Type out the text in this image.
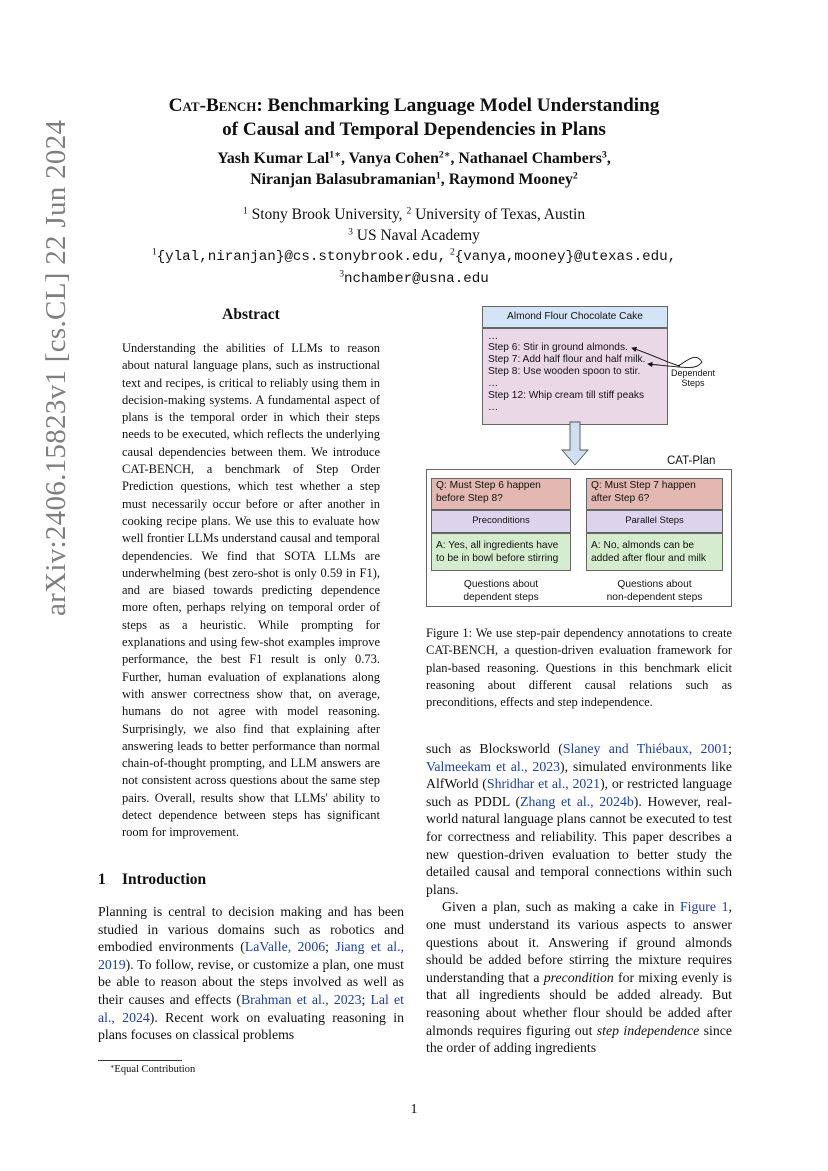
arXiv:2406.15823v1 [cs.CL] 22 Jun 2024
Cat-Bench: Benchmarking Language Model Understanding
of Causal and Temporal Dependencies in Plans
Yash Kumar Lal$^{1∗}$, Vanya Cohen$^{2∗}$, Nathanael Chambers$^3$,
Niranjan Balasubramanian$^1$, Raymond Mooney$^2$
$^1$ Stony Brook University, $^2$ University of Texas, Austin
$^3$ US Naval Academy
$^1${ylal,niranjan}@cs.stonybrook.edu, $^2${vanya,mooney}@utexas.edu,
$^3$nchamber@usna.edu
Abstract
Understanding the abilities of LLMs to reason about natural language plans, such as instructional text and recipes, is critical to reliably using them in decision-making systems. A fundamental aspect of plans is the temporal order in which their steps needs to be executed, which reflects the underlying causal dependencies between them. We introduce CAT-BENCH, a benchmark of Step Order Prediction questions, which test whether a step must necessarily occur before or after another in cooking recipe plans. We use this to evaluate how well frontier LLMs understand causal and temporal dependencies. We find that SOTA LLMs are underwhelming (best zero-shot is only 0.59 in F1), and are biased towards predicting dependence more often, perhaps relying on temporal order of steps as a heuristic. While prompting for explanations and using few-shot examples improve performance, the best F1 result is only 0.73. Further, human evaluation of explanations along with answer correctness show that, on average, humans do not agree with model reasoning. Surprisingly, we also find that explaining after answering leads to better performance than normal chain-of-thought prompting, and LLM answers are not consistent across questions about the same step pairs. Overall, results show that LLMs' ability to detect dependence between steps has significant room for improvement.
1 Introduction
Planning is central to decision making and has been studied in various domains such as robotics and embodied environments (LaValle, 2006; Jiang et al., 2019). To follow, revise, or customize a plan, one must be able to reason about the steps involved as well as their causes and effects (Brahman et al., 2023; Lal et al., 2024). Recent work on evaluating reasoning in plans focuses on classical problems
∗Equal Contribution
Almond Flour Chocolate Cake
…
Step 6: Stir in ground almonds.
Step 7: Add half flour and half milk.
Step 8: Use wooden spoon to stir.
…
Step 12: Whip cream till stiff peaks
…
Dependent
Steps
CAT-Plan
Q: Must Step 6 happen
before Step 8?
Preconditions
A: Yes, all ingredients have
to be in bowl before stirring
Questions about
dependent steps
Q: Must Step 7 happen
after Step 6?
Parallel Steps
A: No, almonds can be
added after flour and milk
Questions about
non-dependent steps
Figure 1: We use step-pair dependency annotations to create CAT-BENCH, a question-driven evaluation framework for plan-based reasoning. Questions in this benchmark elicit reasoning about different causal relations such as preconditions, effects and step independence.

such as Blocksworld (Slaney and Thiébaux, 2001; Valmeekam et al., 2023), simulated environments like AlfWorld (Shridhar et al., 2021), or restricted language such as PDDL (Zhang et al., 2024b). However, real-world natural language plans cannot be executed to test for correctness and reliability. This paper describes a new question-driven evaluation to better study the detailed causal and temporal connections within such plans.

Given a plan, such as making a cake in Figure 1, one must understand its various aspects to answer questions about it. Answering if ground almonds should be added before stirring the mixture requires understanding that a precondition for mixing evenly is that all ingredients should be added already. But reasoning about whether flour should be added after almonds requires figuring out step independence since the order of adding ingredients

1
